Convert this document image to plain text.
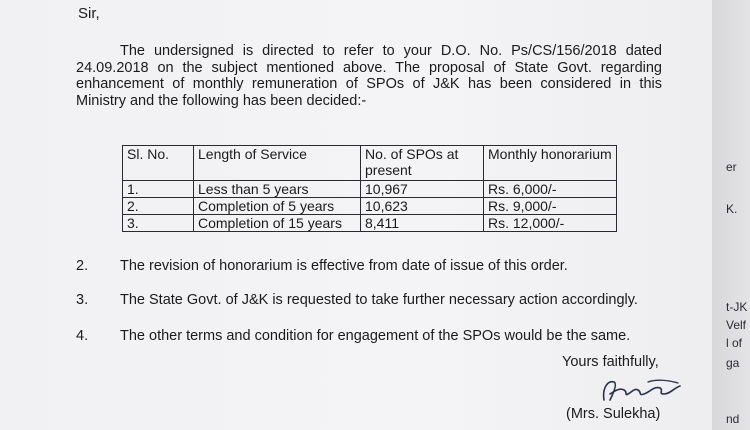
Sir,
The undersigned is directed to refer to your D.O. No. Ps/CS/156/2018 dated 24.09.2018 on the subject mentioned above. The proposal of State Govt. regarding enhancement of monthly remuneration of SPOs of J&K has been considered in this Ministry and the following has been decided:-
Sl. No.	Length of Service	No. of SPOs at present	Monthly honorarium
1.	Less than 5 years	10,967	Rs. 6,000/-
2.	Completion of 5 years	10,623	Rs. 9,000/-
3.	Completion of 15 years	8,411	Rs. 12,000/-
2. The revision of honorarium is effective from date of issue of this order.
3. The State Govt. of J&K is requested to take further necessary action accordingly.
4. The other terms and condition for engagement of the SPOs would be the same.
Yours faithfully,
(Mrs. Sulekha)
er
K.
t-JK
Velf
l of
ga
nd
